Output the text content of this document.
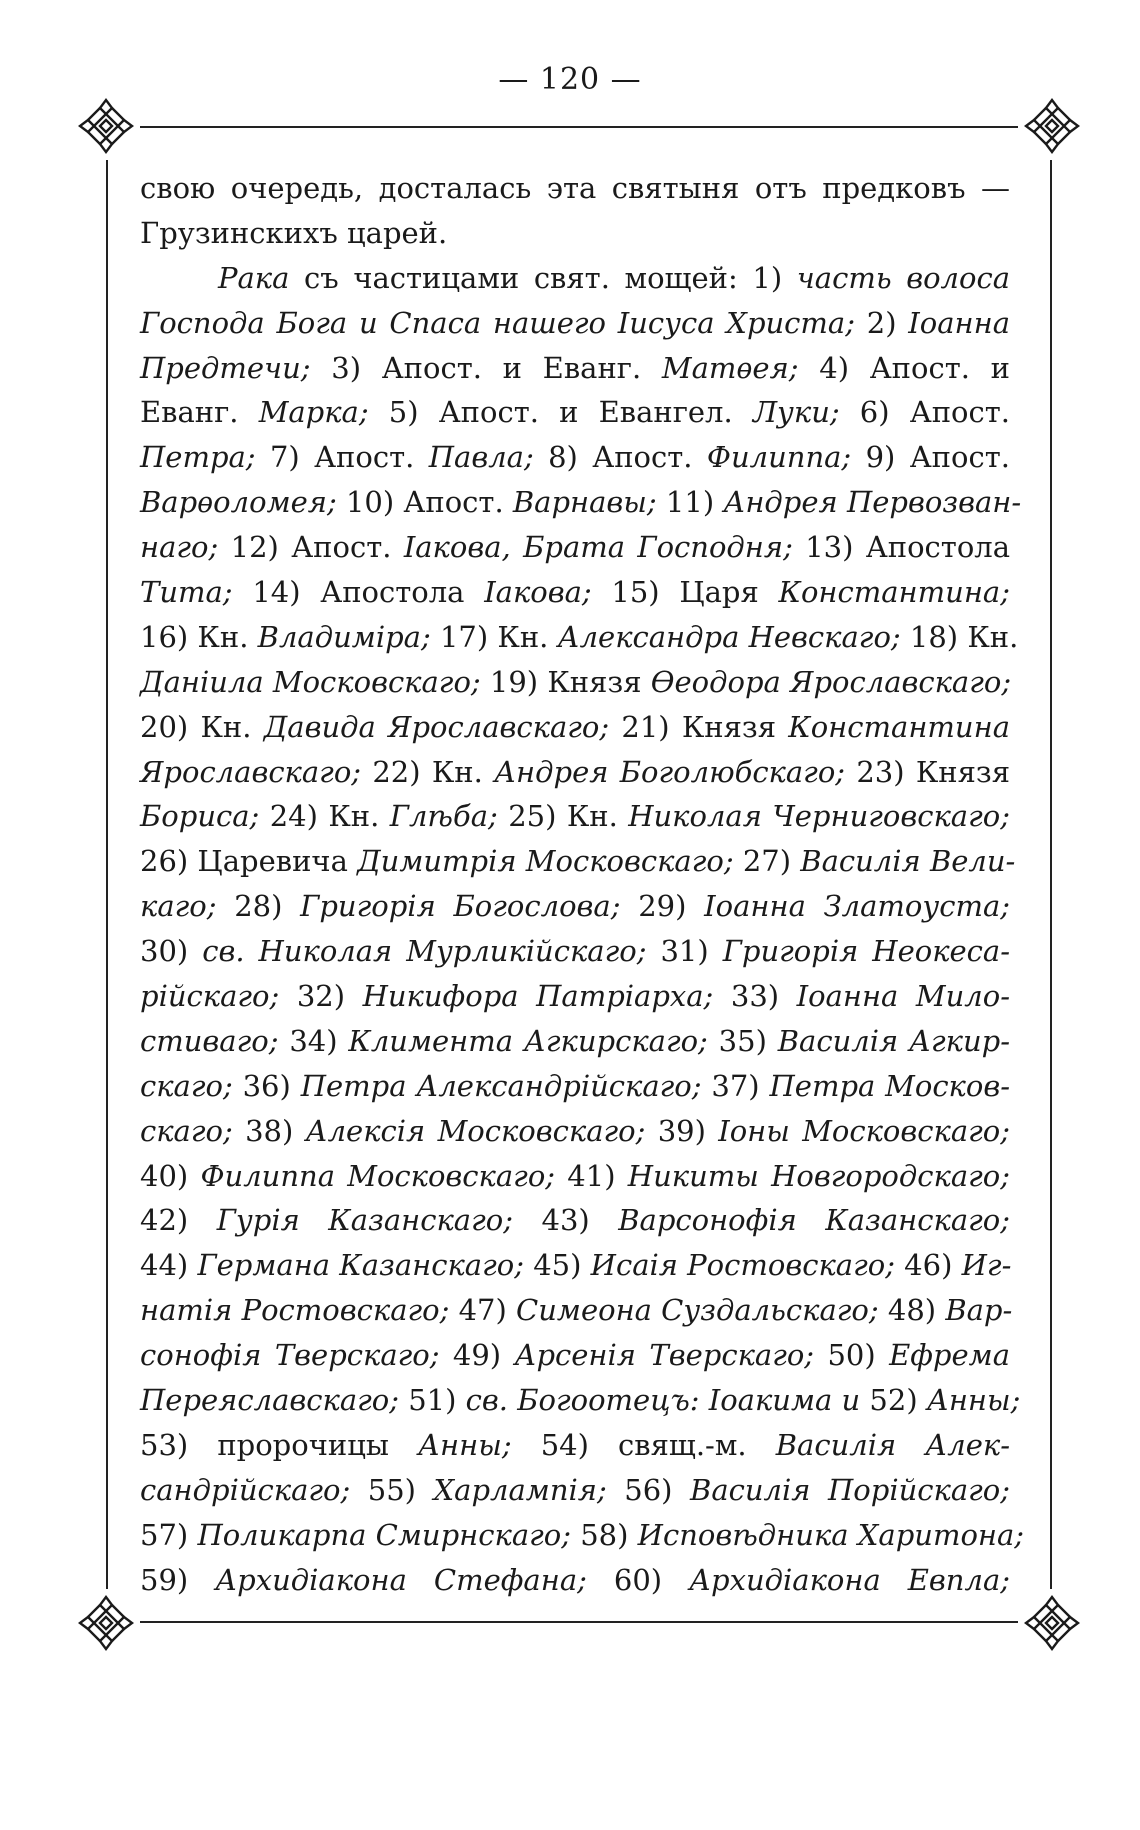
— 120 —
свою очередь, досталась эта святыня отъ предковъ —
Грузинскихъ царей.
Рака съ частицами свят. мощей: 1) часть волоса
Господа Бога и Спаса нашего Іисуса Христа; 2) Іоанна
Предтечи; 3) Апост. и Еванг. Матѳея; 4) Апост. и
Еванг. Марка; 5) Апост. и Евангел. Луки; 6) Апост.
Петра; 7) Апост. Павла; 8) Апост. Филиппа; 9) Апост.
Варѳоломея; 10) Апост. Варнавы; 11) Андрея Первозван-
наго; 12) Апост. Іакова, Брата Господня; 13) Апостола
Тита; 14) Апостола Іакова; 15) Царя Константина;
16) Кн. Владиміра; 17) Кн. Александра Невскаго; 18) Кн.
Даніила Московскаго; 19) Князя Ѳеодора Ярославскаго;
20) Кн. Давида Ярославскаго; 21) Князя Константина
Ярославскаго; 22) Кн. Андрея Боголюбскаго; 23) Князя
Бориса; 24) Кн. Глѣба; 25) Кн. Николая Черниговскаго;
26) Царевича Димитрія Московскаго; 27) Василія Вели-
каго; 28) Григорія Богослова; 29) Іоанна Златоуста;
30) св. Николая Мурликійскаго; 31) Григорія Неокеса-
рійскаго; 32) Никифора Патріарха; 33) Іоанна Мило-
стиваго; 34) Климента Агкирскаго; 35) Василія Агкир-
скаго; 36) Петра Александрійскаго; 37) Петра Москов-
скаго; 38) Алексія Московскаго; 39) Іоны Московскаго;
40) Филиппа Московскаго; 41) Никиты Новгородскаго;
42) Гурія Казанскаго; 43) Варсонофія Казанскаго;
44) Германа Казанскаго; 45) Исаія Ростовскаго; 46) Иг-
натія Ростовскаго; 47) Симеона Суздальскаго; 48) Вар-
сонофія Тверскаго; 49) Арсенія Тверскаго; 50) Ефрема
Переяславскаго; 51) св. Богоотецъ: Іоакима и 52) Анны;
53) пророчицы Анны; 54) свящ.-м. Василія Алек-
сандрійскаго; 55) Харлампія; 56) Василія Порійскаго;
57) Поликарпа Смирнскаго; 58) Исповѣдника Харитона;
59) Архидіакона Стефана; 60) Архидіакона Евпла;
